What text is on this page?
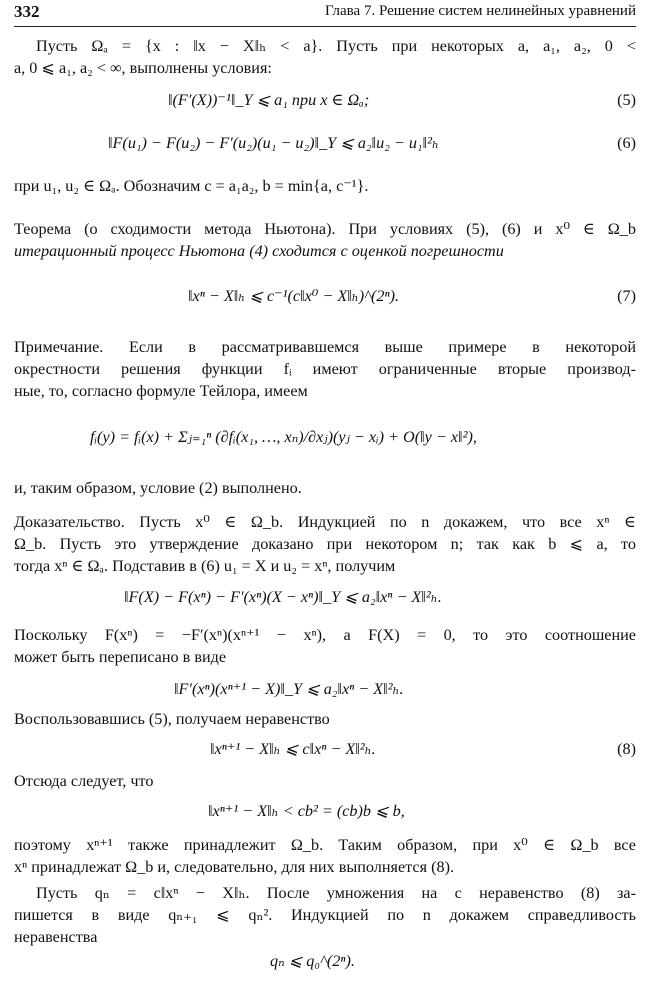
332	Глава 7. Решение систем нелинейных уравнений
Пусть Ωₐ = {x : ‖x − X‖ₕ < a}. Пусть при некоторых a, a₁, a₂, 0 <
a, 0 ⩽ a₁, a₂ < ∞, выполнены условия:
‖(F′(X))⁻¹‖_Y ⩽ a₁ при x ∈ Ωₐ;	(5)
‖F(u₁) − F(u₂) − F′(u₂)(u₁ − u₂)‖_Y ⩽ a₂‖u₂ − u₁‖²ₕ	(6)
при u₁, u₂ ∈ Ωₐ. Обозначим c = a₁a₂, b = min{a, c⁻¹}.
Теорема (о сходимости метода Ньютона). При условиях (5), (6) и x⁰ ∈ Ω_b
итерационный процесс Ньютона (4) сходится с оценкой погрешности
‖xⁿ − X‖ₕ ⩽ c⁻¹(c‖x⁰ − X‖ₕ)^(2ⁿ).	(7)
Примечание. Если в рассматривавшемся выше примере в некоторой
окрестности решения функции fᵢ имеют ограниченные вторые производ-
ные, то, согласно формуле Тейлора, имеем
fᵢ(y) = fᵢ(x) + Σⱼ₌₁ⁿ (∂fᵢ(x₁, …, xₙ)/∂xⱼ)(yⱼ − xᵢ) + O(‖y − x‖²),
и, таким образом, условие (2) выполнено.
Доказательство. Пусть x⁰ ∈ Ω_b. Индукцией по n докажем, что все xⁿ ∈
Ω_b. Пусть это утверждение доказано при некотором n; так как b ⩽ a, то
тогда xⁿ ∈ Ωₐ. Подставив в (6) u₁ = X и u₂ = xⁿ, получим
‖F(X) − F(xⁿ) − F′(xⁿ)(X − xⁿ)‖_Y ⩽ a₂‖xⁿ − X‖²ₕ.
Поскольку F(xⁿ) = −F′(xⁿ)(xⁿ⁺¹ − xⁿ), а F(X) = 0, то это соотношение
может быть переписано в виде
‖F′(xⁿ)(xⁿ⁺¹ − X)‖_Y ⩽ a₂‖xⁿ − X‖²ₕ.
Воспользовавшись (5), получаем неравенство
‖xⁿ⁺¹ − X‖ₕ ⩽ c‖xⁿ − X‖²ₕ.	(8)
Отсюда следует, что
‖xⁿ⁺¹ − X‖ₕ < cb² = (cb)b ⩽ b,
поэтому xⁿ⁺¹ также принадлежит Ω_b. Таким образом, при x⁰ ∈ Ω_b все
xⁿ принадлежат Ω_b и, следовательно, для них выполняется (8).
Пусть qₙ = c‖xⁿ − X‖ₕ. После умножения на c неравенство (8) за-
пишется в виде qₙ₊₁ ⩽ qₙ². Индукцией по n докажем справедливость
неравенства
qₙ ⩽ q₀^(2ⁿ).
